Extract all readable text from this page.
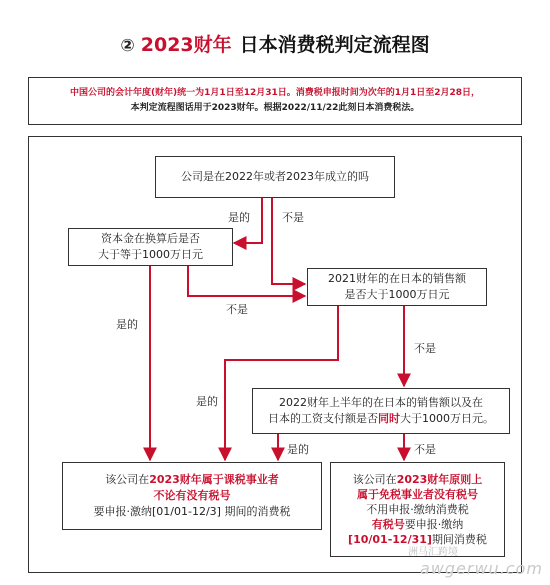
② 2023财年 日本消费税判定流程图
中国公司的会计年度(财年)统一为1月1日至12月31日。消费税申报时间为次年的1月1日至2月28日，
本判定流程图话用于2023财年。根据2022/11/22此刻日本消费税法。
公司是在2022年或者2023年成立的吗
资本金在换算后是否
大于等于1000万日元
2021财年的在日本的销售额
是否大于1000万日元
2022财年上半年的在日本的销售额以及在
日本的工资支付额是否同时大于1000万日元。
该公司在2023财年属于课税事业者
不论有没有税号
要申报·激纳[01/01-12/3] 期间的消费税
该公司在2023财年原则上
属于免税事业者没有税号
不用申报·缴纳消费税
有税号要申报·缴纳
[10/01-12/31]期间消费税
是的	不是
不是
是的
不是
是的
是的	不是
洲马汇跨境
awgerwu.com
